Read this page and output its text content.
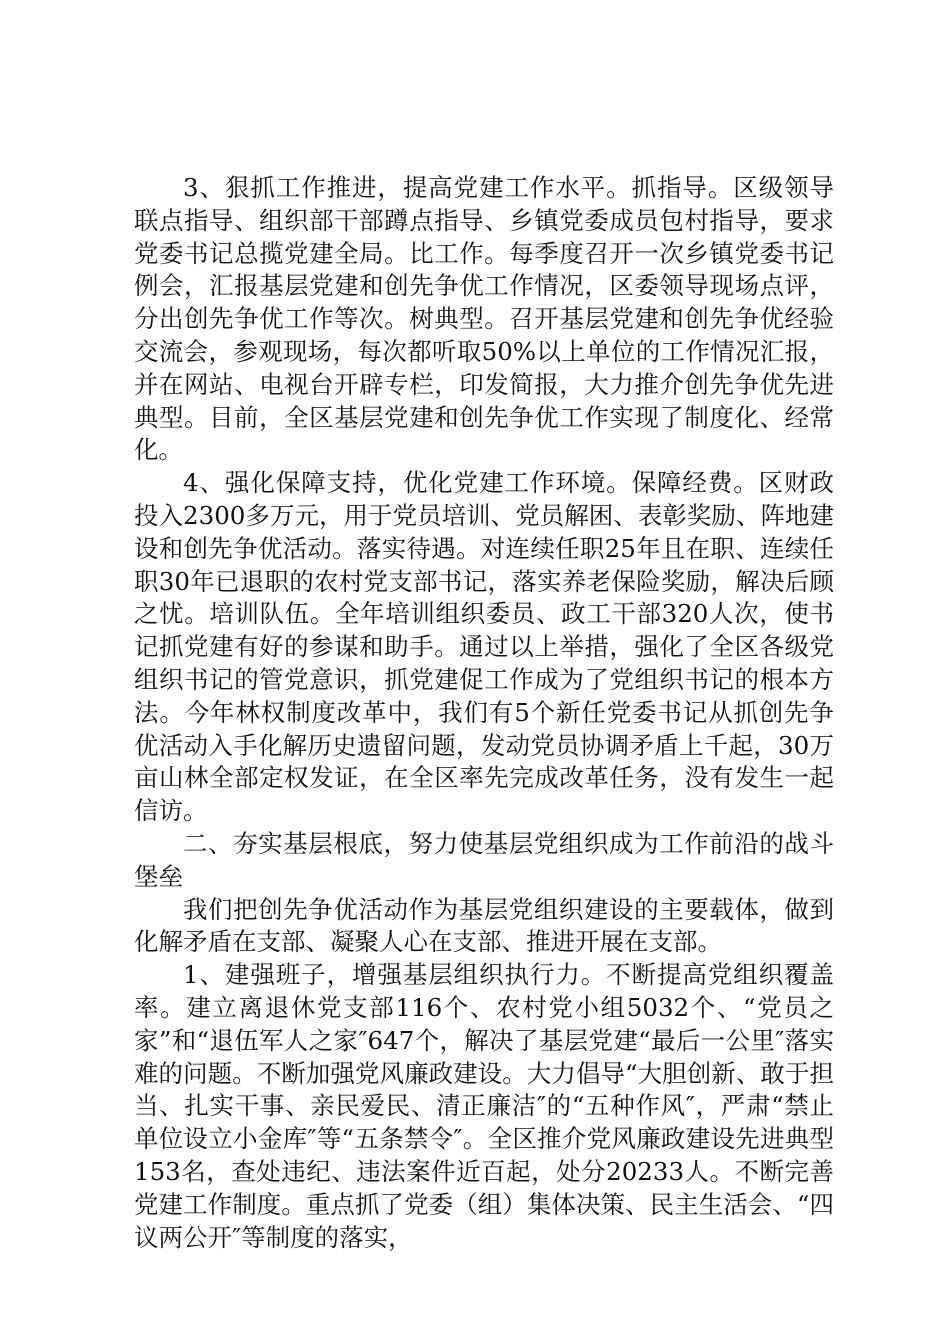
3、狠抓工作推进，提高党建工作水平。抓指导。区级领导联点指导、组织部干部蹲点指导、乡镇党委成员包村指导，要求党委书记总揽党建全局。比工作。每季度召开一次乡镇党委书记例会，汇报基层党建和创先争优工作情况，区委领导现场点评，分出创先争优工作等次。树典型。召开基层党建和创先争优经验交流会，参观现场，每次都听取50%以上单位的工作情况汇报，并在网站、电视台开辟专栏，印发简报，大力推介创先争优先进典型。目前，全区基层党建和创先争优工作实现了制度化、经常化。

4、强化保障支持，优化党建工作环境。保障经费。区财政投入2300多万元，用于党员培训、党员解困、表彰奖励、阵地建设和创先争优活动。落实待遇。对连续任职25年且在职、连续任职30年已退职的农村党支部书记，落实养老保险奖励，解决后顾之忧。培训队伍。全年培训组织委员、政工干部320人次，使书记抓党建有好的参谋和助手。通过以上举措，强化了全区各级党组织书记的管党意识，抓党建促工作成为了党组织书记的根本方法。今年林权制度改革中，我们有5个新任党委书记从抓创先争优活动入手化解历史遗留问题，发动党员协调矛盾上千起，30万亩山林全部定权发证，在全区率先完成改革任务，没有发生一起信访。

二、夯实基层根底，努力使基层党组织成为工作前沿的战斗堡垒

我们把创先争优活动作为基层党组织建设的主要载体，做到化解矛盾在支部、凝聚人心在支部、推进开展在支部。

1、建强班子，增强基层组织执行力。不断提高党组织覆盖率。建立离退休党支部116个、农村党小组5032个、“党员之家”和“退伍军人之家″647个，解决了基层党建“最后一公里″落实难的问题。不断加强党风廉政建设。大力倡导“大胆创新、敢于担当、扎实干事、亲民爱民、清正廉洁″的“五种作风″，严肃“禁止单位设立小金库″等“五条禁令″。全区推介党风廉政建设先进典型153名，查处违纪、违法案件近百起，处分20233人。不断完善党建工作制度。重点抓了党委（组）集体决策、民主生活会、“四议两公开″等制度的落实，
